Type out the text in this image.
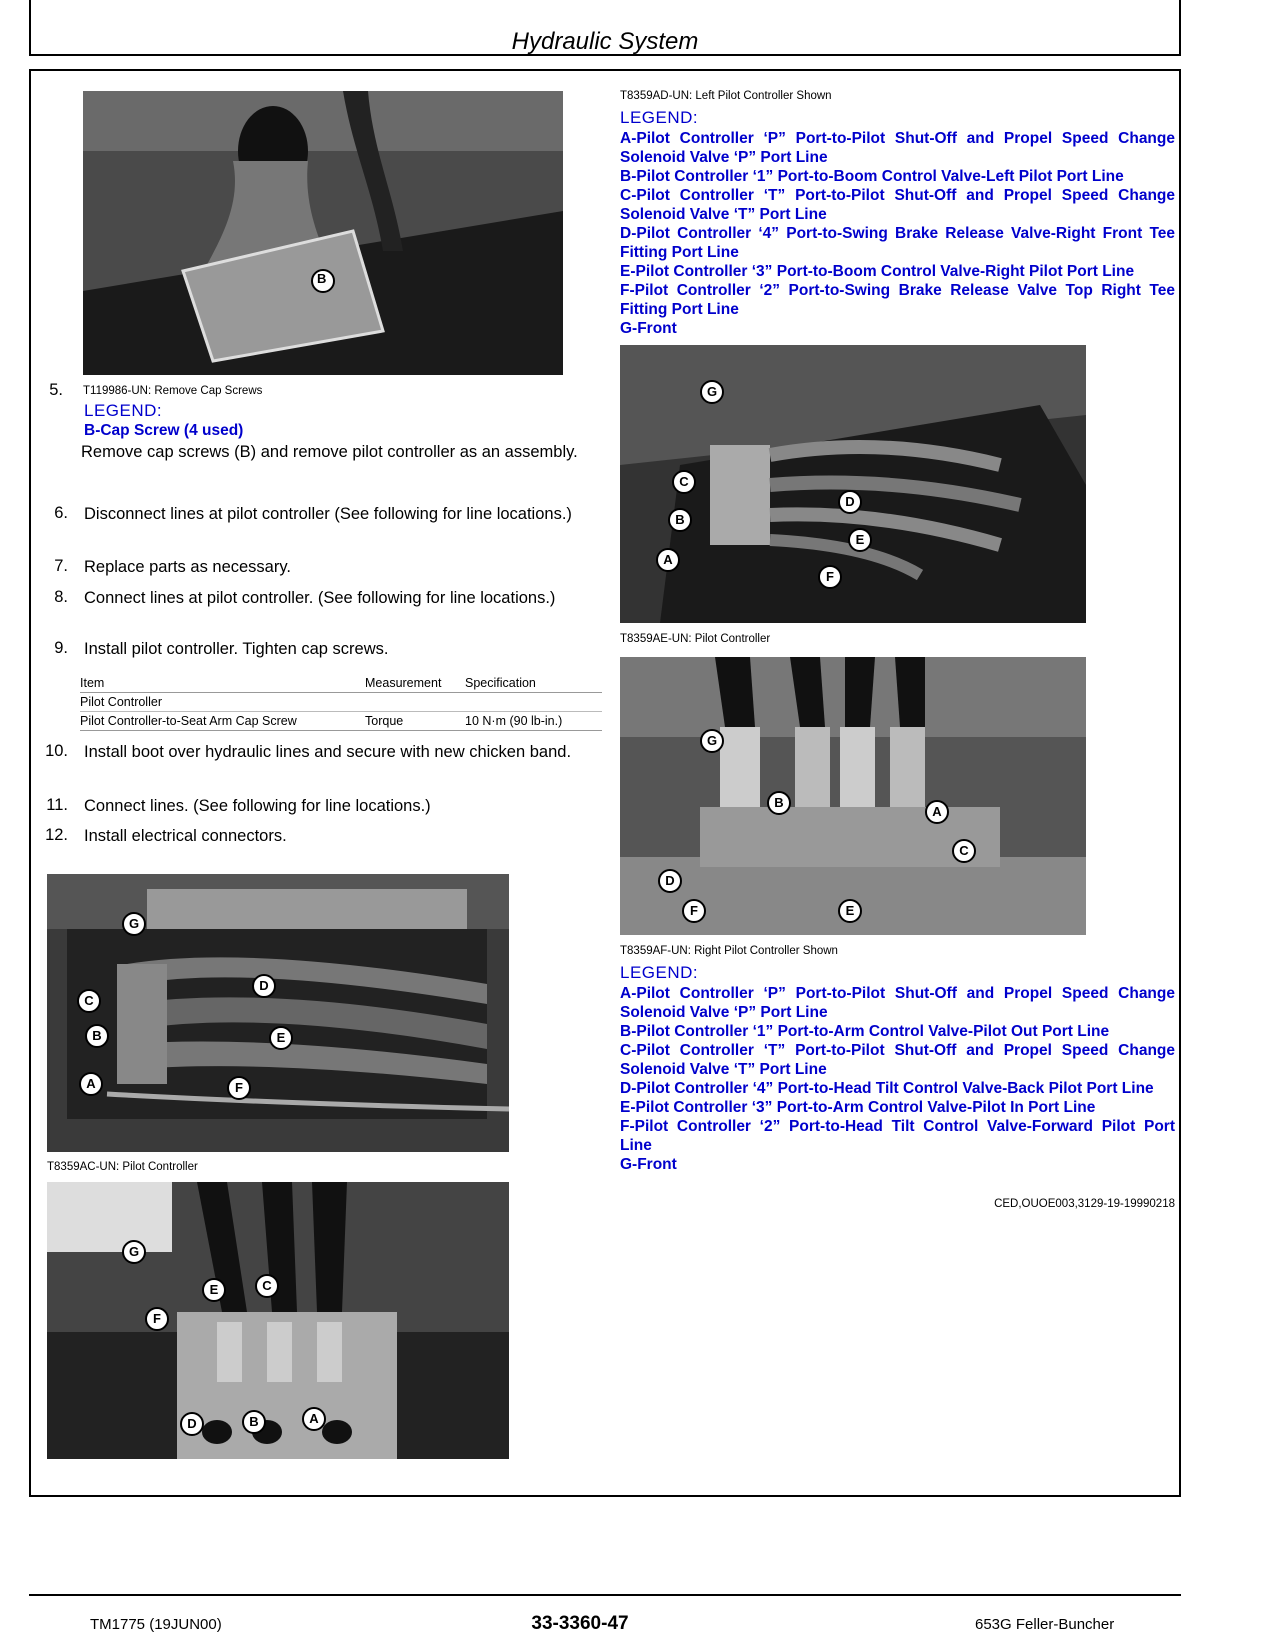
Hydraulic System
B
T119986-UN: Remove Cap Screws
5.
LEGEND:
B-Cap Screw (4 used)
Remove cap screws (B) and remove pilot controller as an assembly.
6. Disconnect lines at pilot controller (See following for line locations.)
7. Replace parts as necessary.
8. Connect lines at pilot controller. (See following for line locations.)
9. Install pilot controller. Tighten cap screws.
Item	Measurement	Specification
Pilot Controller		
Pilot Controller-to-Seat Arm Cap Screw	Torque	10 N·m (90 lb-in.)
10. Install boot over hydraulic lines and secure with new chicken band.
11. Connect lines. (See following for line locations.)
12. Install electrical connectors.
G
C
D
B	E
A	F
T8359AC-UN: Pilot Controller
G
E	C
F
D	B	A
T8359AD-UN: Left Pilot Controller Shown
LEGEND:
A-Pilot Controller ‘P” Port-to-Pilot Shut-Off and Propel Speed Change Solenoid Valve ‘P” Port Line
B-Pilot Controller ‘1” Port-to-Boom Control Valve-Left Pilot Port Line
C-Pilot Controller ‘T” Port-to-Pilot Shut-Off and Propel Speed Change Solenoid Valve ‘T” Port Line
D-Pilot Controller ‘4” Port-to-Swing Brake Release Valve-Right Front Tee Fitting Port Line
E-Pilot Controller ‘3” Port-to-Boom Control Valve-Right Pilot Port Line
F-Pilot Controller ‘2” Port-to-Swing Brake Release Valve Top Right Tee Fitting Port Line
G-Front
G
C
D
B
E
A
F
T8359AE-UN: Pilot Controller
G
B
A
C
D
F	E
T8359AF-UN: Right Pilot Controller Shown
LEGEND:
A-Pilot Controller ‘P” Port-to-Pilot Shut-Off and Propel Speed Change Solenoid Valve ‘P” Port Line
B-Pilot Controller ‘1” Port-to-Arm Control Valve-Pilot Out Port Line
C-Pilot Controller ‘T” Port-to-Pilot Shut-Off and Propel Speed Change Solenoid Valve ‘T” Port Line
D-Pilot Controller ‘4” Port-to-Head Tilt Control Valve-Back Pilot Port Line
E-Pilot Controller ‘3” Port-to-Arm Control Valve-Pilot In Port Line
F-Pilot Controller ‘2” Port-to-Head Tilt Control Valve-Forward Pilot Port Line
G-Front
CED,OUOE003,3129-19-19990218
TM1775 (19JUN00)	33-3360-47	653G Feller-Buncher
